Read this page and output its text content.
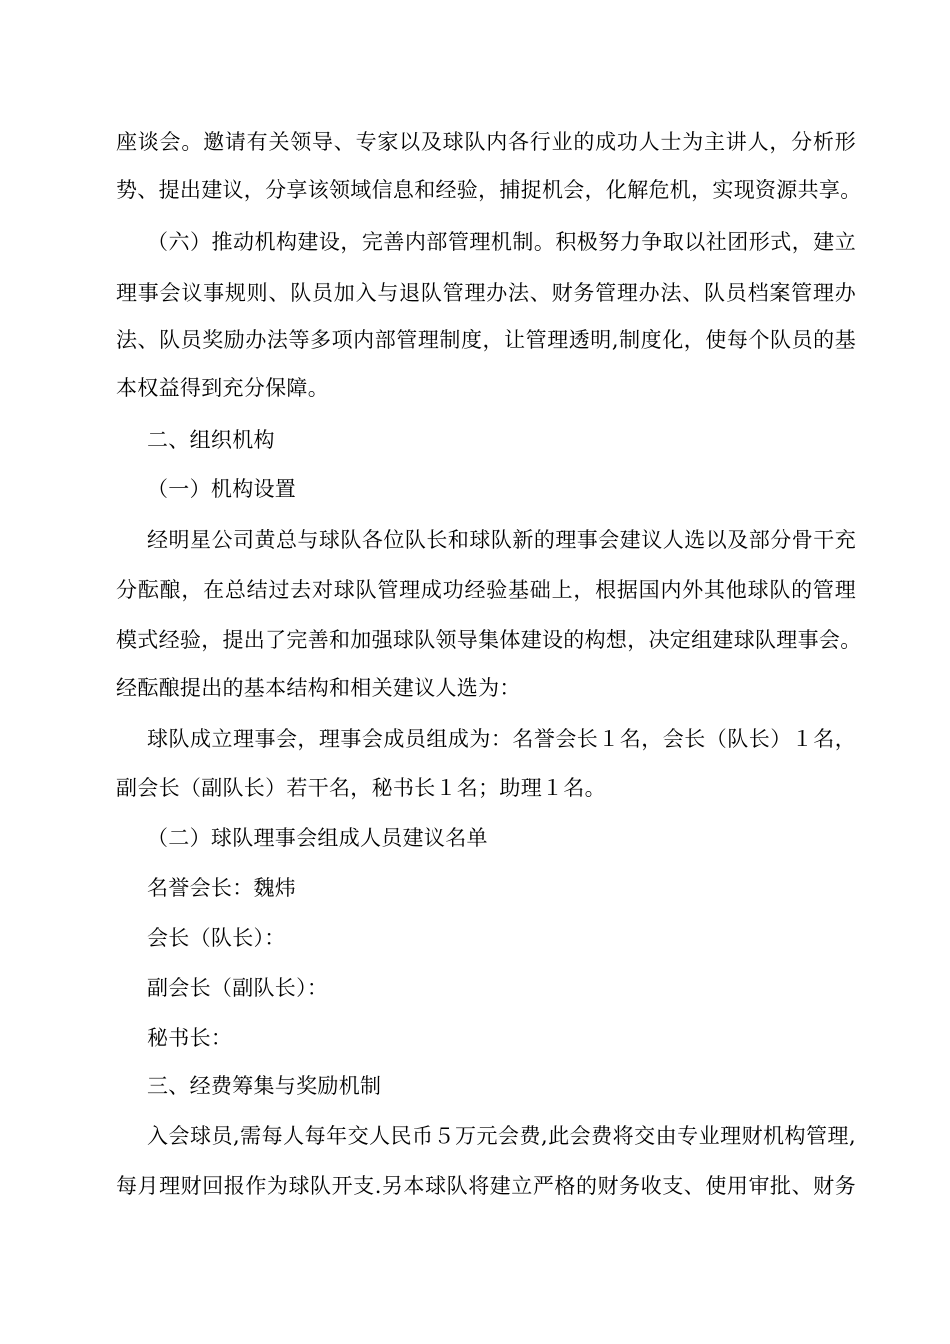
座谈会。邀请有关领导、专家以及球队内各行业的成功人士为主讲人，分析形
势、提出建议，分享该领域信息和经验，捕捉机会，化解危机，实现资源共享。
（六）推动机构建设，完善内部管理机制。积极努力争取以社团形式，建立
理事会议事规则、队员加入与退队管理办法、财务管理办法、队员档案管理办
法、队员奖励办法等多项内部管理制度，让管理透明,制度化，使每个队员的基
本权益得到充分保障。
二、组织机构
（一）机构设置
经明星公司黄总与球队各位队长和球队新的理事会建议人选以及部分骨干充
分酝酿，在总结过去对球队管理成功经验基础上，根据国内外其他球队的管理
模式经验，提出了完善和加强球队领导集体建设的构想，决定组建球队理事会。
经酝酿提出的基本结构和相关建议人选为：
球队成立理事会，理事会成员组成为：名誉会长１名，会长（队长）１名，
副会长（副队长）若干名，秘书长１名；助理１名。
（二）球队理事会组成人员建议名单
名誉会长：魏炜
会长（队长）：
副会长（副队长）：
秘书长：
三、经费筹集与奖励机制
入会球员,需每人每年交人民币５万元会费,此会费将交由专业理财机构管理,
每月理财回报作为球队开支.另本球队将建立严格的财务收支、使用审批、财务
